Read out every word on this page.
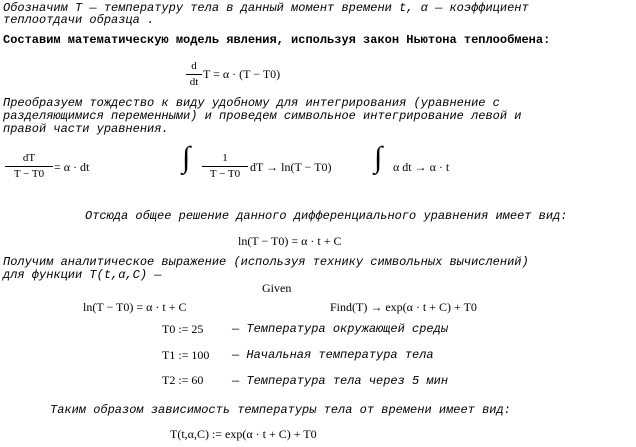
Обозначим T — температуру тела в данный момент времени t, α — коэффициент
теплоотдачи образца .
Составим математическую модель явления, используя закон Ньютона теплообмена:
d
dt
T = α · (T − T0)
Преобразуем тождество к виду удобному для интегрирования (уравнение с
разделяющимися переменными) и проведем символьное интегрирование левой и
правой части уравнения.
dT
T − T0 = α · dt	∫	1
T − T0 dT → ln(T − T0) ∫ α dt → α · t
Отсюда общее решение данного дифференциального уравнения имеет вид:
ln(T − T0) = α · t + C
Получим аналитическое выражение (используя технику символьных вычислений)
для функции T(t,α,C) —
Given
ln(T − T0) = α · t + C	Find(T) → exp(α · t + C) + T0
T0 := 25 — Температура окружающей среды
T1 := 100 — Начальная температура тела
T2 := 60 — Температура тела через 5 мин
Таким образом зависимость температуры тела от времени имеет вид:
T(t,α,C) := exp(α · t + C) + T0
